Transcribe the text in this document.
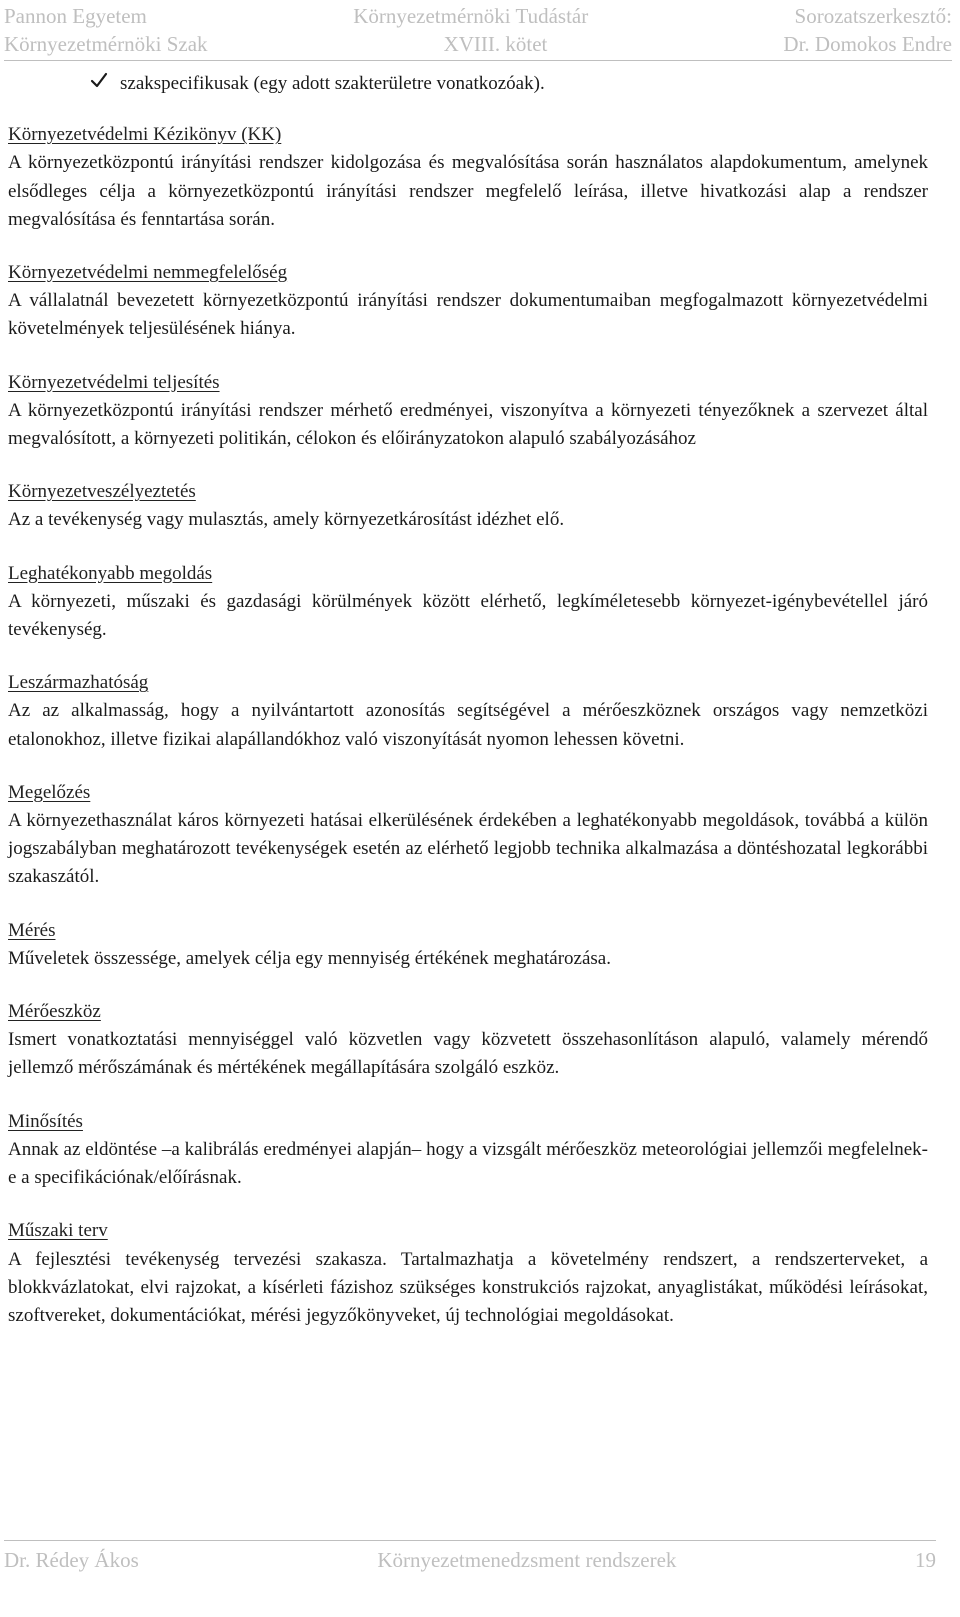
Pannon Egyetem	Környezetmérnöki Tudástár	Sorozatszerkesztő:
Környezetmérnöki Szak	XVIII. kötet	Dr. Domokos Endre
szakspecifikusak (egy adott szakterületre vonatkozóak).
Környezetvédelmi Kézikönyv (KK)
A környezetközpontú irányítási rendszer kidolgozása és megvalósítása során használatos alapdokumentum, amelynek elsődleges célja a környezetközpontú irányítási rendszer megfelelő leírása, illetve hivatkozási alap a rendszer megvalósítása és fenntartása során.
Környezetvédelmi nemmegfelelőség
A vállalatnál bevezetett környezetközpontú irányítási rendszer dokumentumaiban megfogalmazott környezetvédelmi követelmények teljesülésének hiánya.
Környezetvédelmi teljesítés
A környezetközpontú irányítási rendszer mérhető eredményei, viszonyítva a környezeti tényezőknek a szervezet által megvalósított, a környezeti politikán, célokon és előirányzatokon alapuló szabályozásához
Környezetveszélyeztetés
Az a tevékenység vagy mulasztás, amely környezetkárosítást idézhet elő.
Leghatékonyabb megoldás
A környezeti, műszaki és gazdasági körülmények között elérhető, legkíméletesebb környezet-igénybevétellel járó tevékenység.
Leszármazhatóság
Az az alkalmasság, hogy a nyilvántartott azonosítás segítségével a mérőeszköznek országos vagy nemzetközi etalonokhoz, illetve fizikai alapállandókhoz való viszonyítását nyomon lehessen követni.
Megelőzés
A környezethasználat káros környezeti hatásai elkerülésének érdekében a leghatékonyabb megoldások, továbbá a külön jogszabályban meghatározott tevékenységek esetén az elérhető legjobb technika alkalmazása a döntéshozatal legkorábbi szakaszától.
Mérés
Műveletek összessége, amelyek célja egy mennyiség értékének meghatározása.
Mérőeszköz
Ismert vonatkoztatási mennyiséggel való közvetlen vagy közvetett összehasonlításon alapuló, valamely mérendő jellemző mérőszámának és mértékének megállapítására szolgáló eszköz.
Minősítés
Annak az eldöntése –a kalibrálás eredményei alapján– hogy a vizsgált mérőeszköz meteorológiai jellemzői megfelelnek-e a specifikációnak/előírásnak.
Műszaki terv
A fejlesztési tevékenység tervezési szakasza. Tartalmazhatja a követelmény rendszert, a rendszerterveket, a blokkvázlatokat, elvi rajzokat, a kísérleti fázishoz szükséges konstrukciós rajzokat, anyaglistákat, működési leírásokat, szoftvereket, dokumentációkat, mérési jegyzőkönyveket, új technológiai megoldásokat.
Dr. Rédey Ákos	Környezetmenedzsment rendszerek	19
